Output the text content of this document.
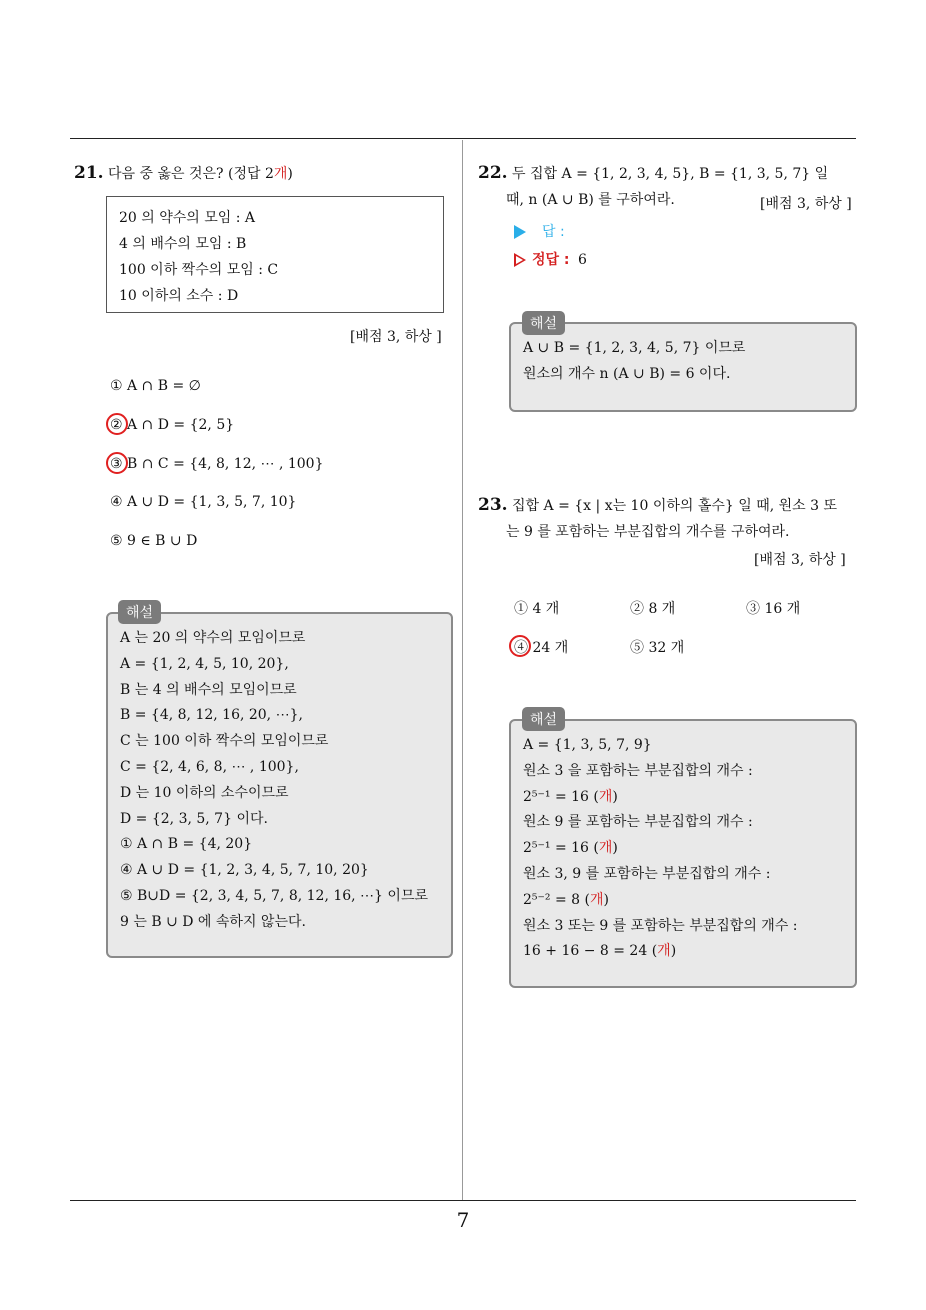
7
21. 다음 중 옳은 것은? (정답 2개)
20 의 약수의 모임 : A
4 의 배수의 모임 : B
100 이하 짝수의 모임 : C
10 이하의 소수 : D
[배점 3, 하상 ]
① A ∩ B = ∅
② A ∩ D = {2, 5}
③ B ∩ C = {4, 8, 12, ⋯ , 100}
④ A ∪ D = {1, 3, 5, 7, 10}
⑤ 9 ∈ B ∪ D
A 는 20 의 약수의 모임이므로
A = {1, 2, 4, 5, 10, 20},
B 는 4 의 배수의 모임이므로
B = {4, 8, 12, 16, 20, ⋯},
C 는 100 이하 짝수의 모임이므로
C = {2, 4, 6, 8, ⋯ , 100},
D 는 10 이하의 소수이므로
D = {2, 3, 5, 7} 이다.
① A ∩ B = {4, 20}
④ A ∪ D = {1, 2, 3, 4, 5, 7, 10, 20}
⑤ B∪D = {2, 3, 4, 5, 7, 8, 12, 16, ⋯} 이므로
9 는 B ∪ D 에 속하지 않는다.
해설
22. 두 집합 A = {1, 2, 3, 4, 5}, B = {1, 3, 5, 7} 일
때, n (A ∪ B) 를 구하여라.	[배점 3, 하상 ]
답 :
정답 : 6
A ∪ B = {1, 2, 3, 4, 5, 7} 이므로
원소의 개수 n (A ∪ B) = 6 이다.
해설
23. 집합 A = {x | x는 10 이하의 홀수} 일 때, 원소 3 또
는 9 를 포함하는 부분집합의 개수를 구하여라.
[배점 3, 하상 ]
① 4 개	② 8 개	③ 16 개
④ 24 개	⑤ 32 개
A = {1, 3, 5, 7, 9}
원소 3 을 포함하는 부분집합의 개수 :
2⁵⁻¹ = 16 (개)
원소 9 를 포함하는 부분집합의 개수 :
2⁵⁻¹ = 16 (개)
원소 3, 9 를 포함하는 부분집합의 개수 :
2⁵⁻² = 8 (개)
원소 3 또는 9 를 포함하는 부분집합의 개수 :
16 + 16 − 8 = 24 (개)
해설
